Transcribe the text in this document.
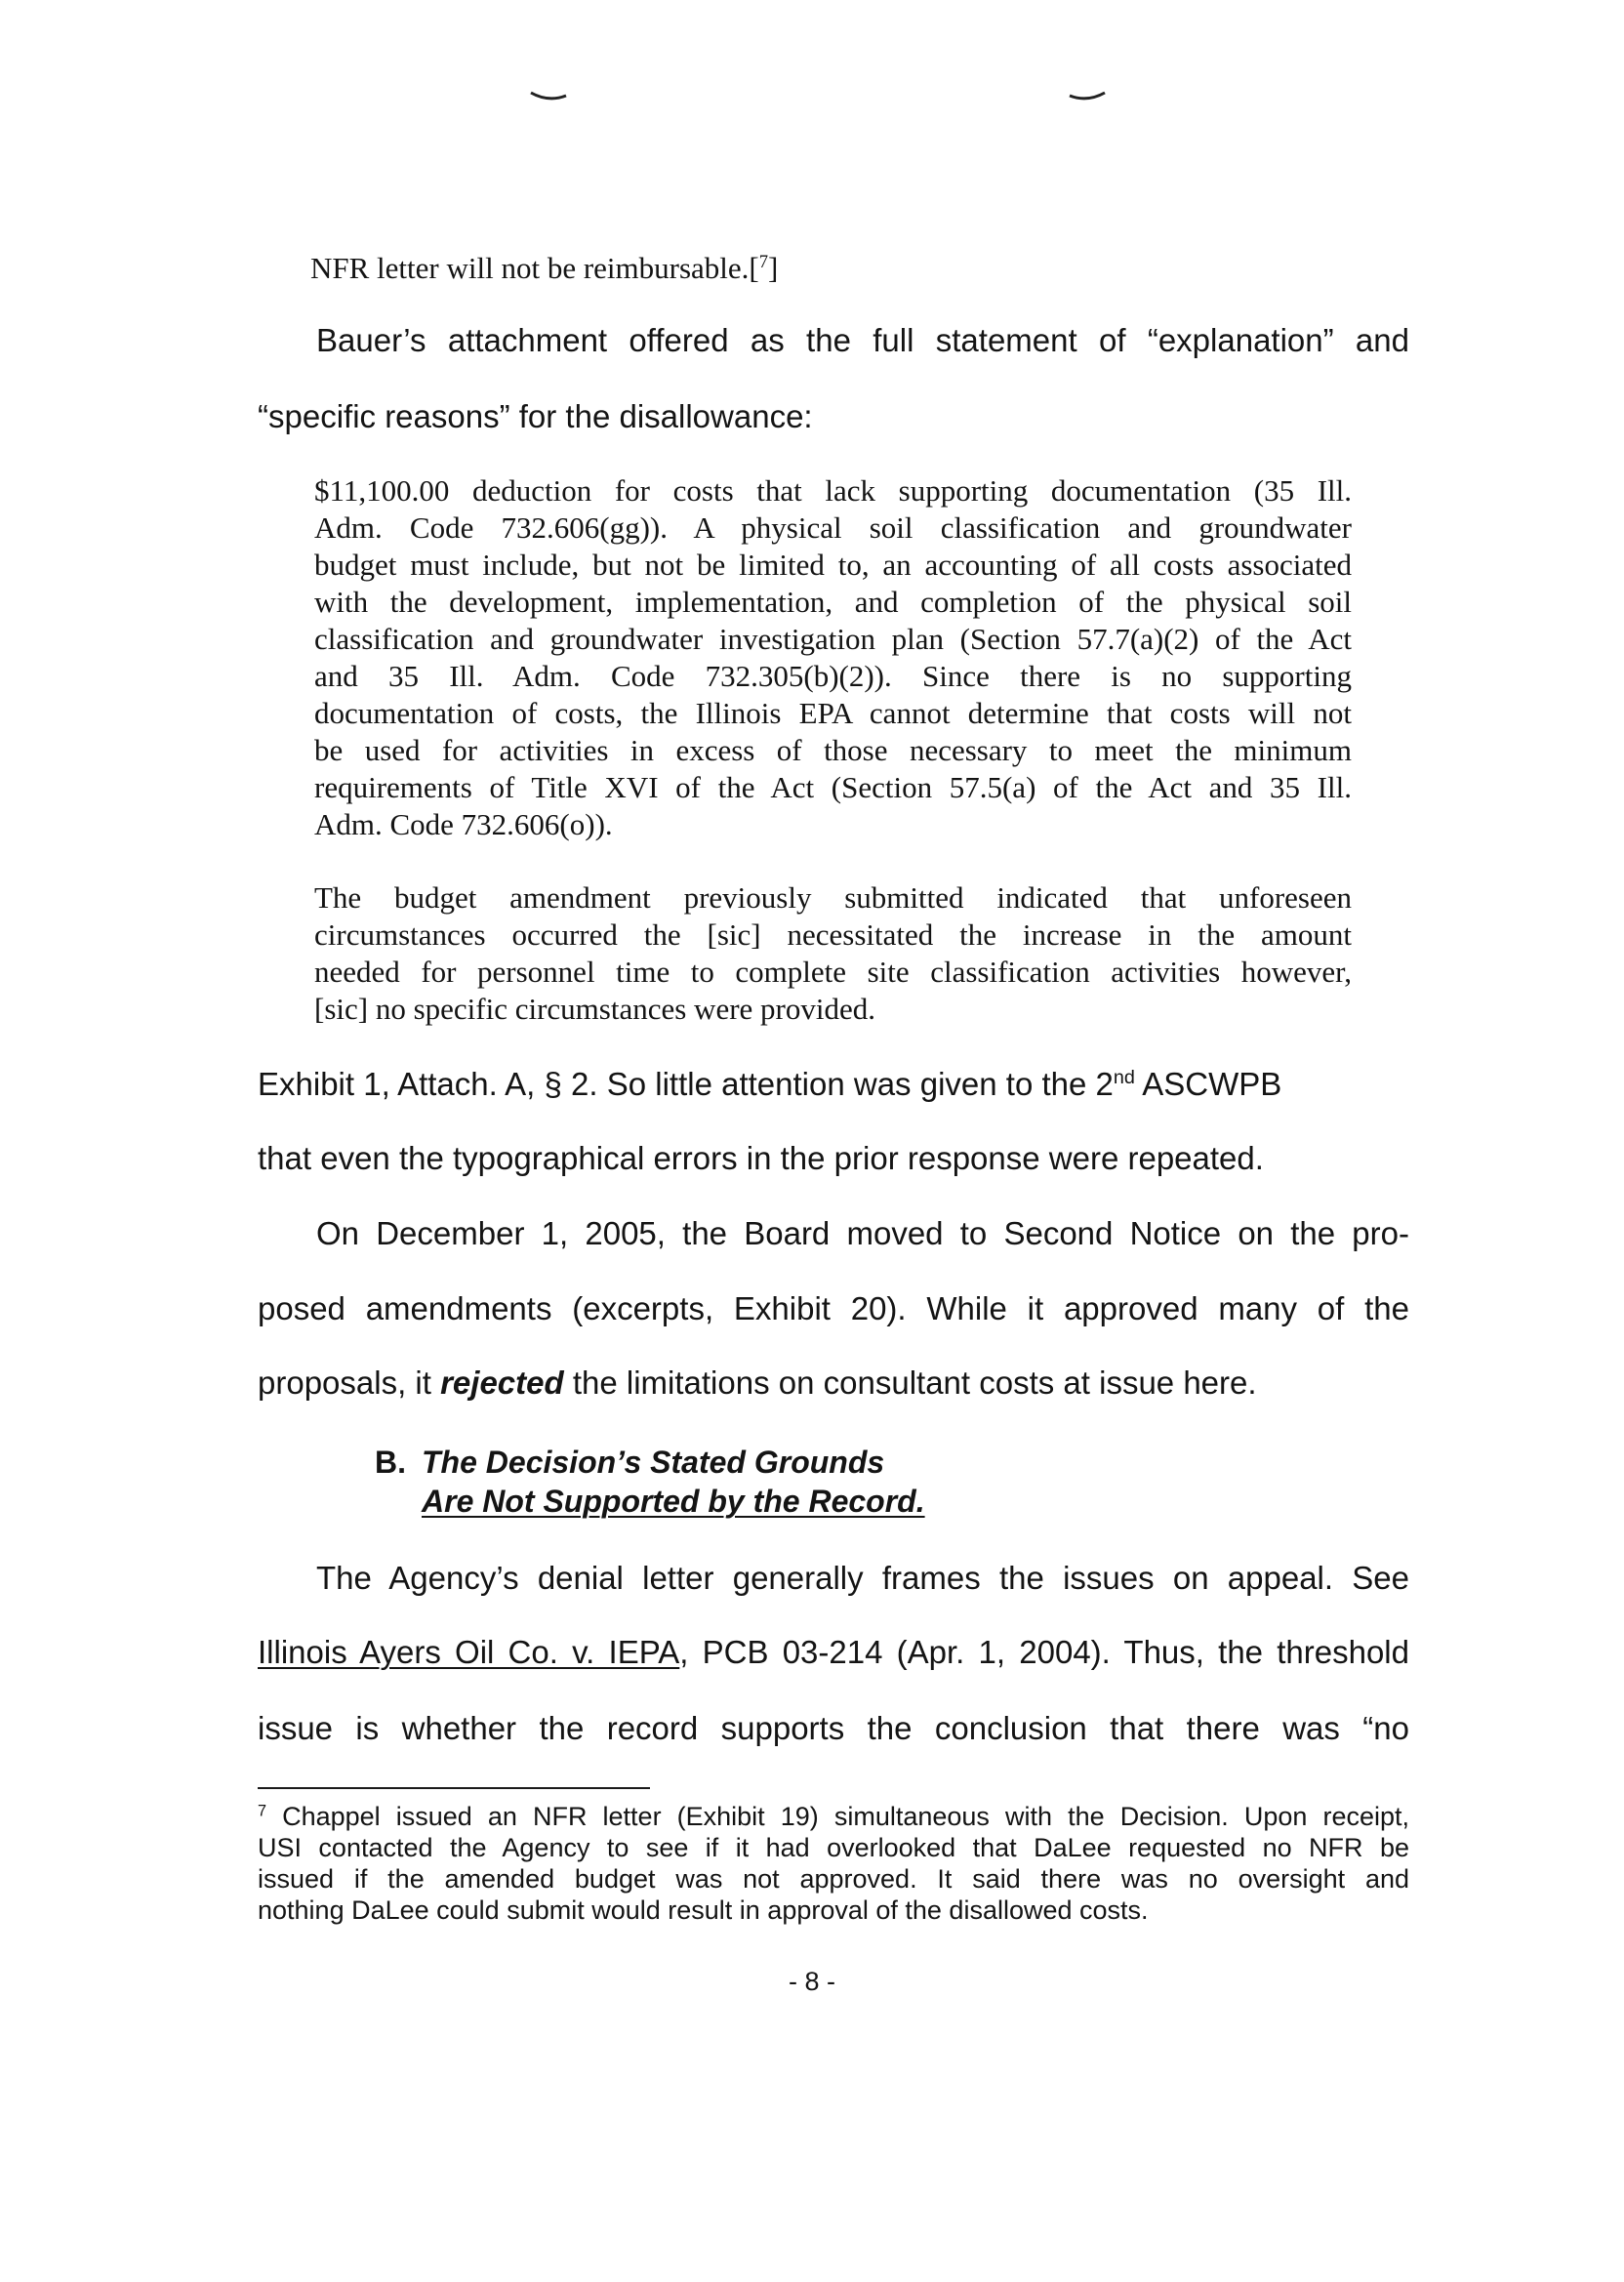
NFR letter will not be reimbursable.[$^7$]

Bauer’s attachment offered as the full statement of “explanation” and

“specific reasons” for the disallowance:

$11,100.00 deduction for costs that lack supporting documentation (35 Ill.

Adm. Code 732.606(gg)). A physical soil classification and groundwater

budget must include, but not be limited to, an accounting of all costs associated

with the development, implementation, and completion of the physical soil

classification and groundwater investigation plan (Section 57.7(a)(2) of the Act

and 35 Ill. Adm. Code 732.305(b)(2)). Since there is no supporting

documentation of costs, the Illinois EPA cannot determine that costs will not

be used for activities in excess of those necessary to meet the minimum

requirements of Title XVI of the Act (Section 57.5(a) of the Act and 35 Ill.

Adm. Code 732.606(o)).

The budget amendment previously submitted indicated that unforeseen

circumstances occurred the [sic] necessitated the increase in the amount

needed for personnel time to complete site classification activities however,

[sic] no specific circumstances were provided.

Exhibit 1, Attach. A, § 2. So little attention was given to the 2nd ASCWPB

that even the typographical errors in the prior response were repeated.

On December 1, 2005, the Board moved to Second Notice on the pro-

posed amendments (excerpts, Exhibit 20). While it approved many of the

proposals, it rejected the limitations on consultant costs at issue here.

B. The Decision’s Stated Grounds

Are Not Supported by the Record.

The Agency’s denial letter generally frames the issues on appeal. See

Illinois Ayers Oil Co. v. IEPA, PCB 03-214 (Apr. 1, 2004). Thus, the threshold

issue is whether the record supports the conclusion that there was “no

$^7$ Chappel issued an NFR letter (Exhibit 19) simultaneous with the Decision. Upon receipt,

USI contacted the Agency to see if it had overlooked that DaLee requested no NFR be

issued if the amended budget was not approved. It said there was no oversight and

nothing DaLee could submit would result in approval of the disallowed costs.

- 8 -
